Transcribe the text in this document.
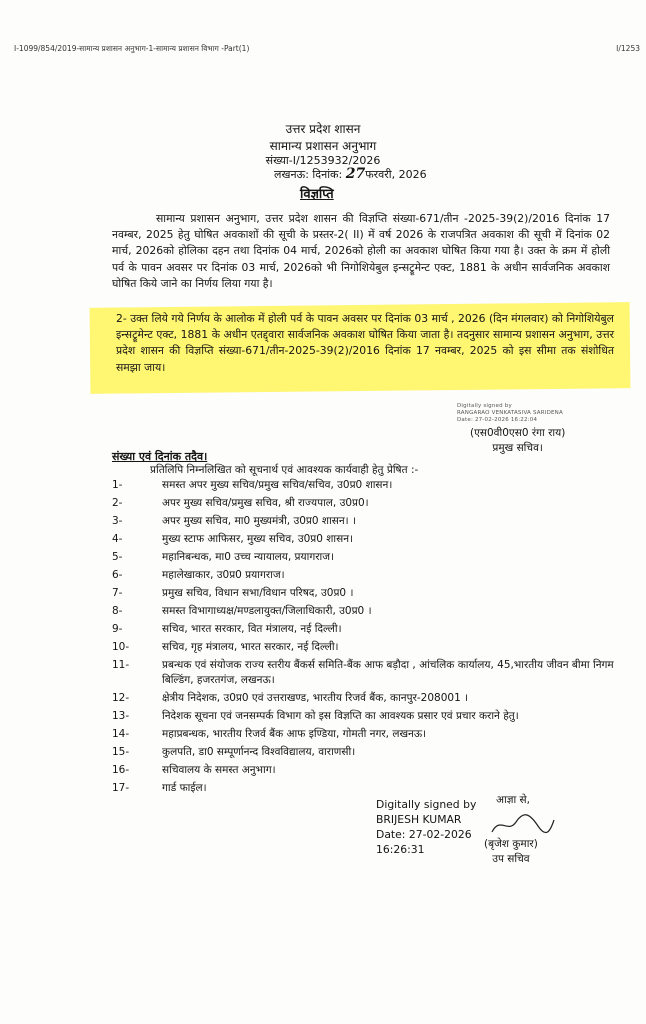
I-1099/854/2019-सामान्य प्रशासन अनुभाग-1-सामान्य प्रशासन विभाग -Part(1)	I/1253
उत्तर प्रदेश शासन
सामान्य प्रशासन अनुभाग
संख्या-I/1253932/2026
लखनऊ: दिनांक: 27फरवरी, 2026
विज्ञप्ति
सामान्य प्रशासन अनुभाग, उत्तर प्रदेश शासन की विज्ञप्ति संख्या-671/तीन -2025-39(2)/2016 दिनांक 17 नवम्बर, 2025 हेतु घोषित अवकाशों की सूची के प्रस्तर-2( II) में वर्ष 2026 के राजपत्रित अवकाश की सूची में दिनांक 02 मार्च, 2026को होलिका दहन तथा दिनांक 04 मार्च, 2026को होली का अवकाश घोषित किया गया है। उक्त के क्रम में होली पर्व के पावन अवसर पर दिनांक 03 मार्च, 2026को भी निगोशियेबुल इन्सट्रूमेन्ट एक्ट, 1881 के अधीन सार्वजनिक अवकाश घोषित किये जाने का निर्णय लिया गया है।
2- उक्त लिये गये निर्णय के आलोक में होली पर्व के पावन अवसर पर दिनांक 03 मार्च , 2026 (दिन मंगलवार) को निगोशियेबुल इन्सट्रूमेन्ट एक्ट, 1881 के अधीन एतद्द्वारा सार्वजनिक अवकाश घोषित किया जाता है। तदनुसार सामान्य प्रशासन अनुभाग, उत्तर प्रदेश शासन की विज्ञप्ति संख्या-671/तीन-2025-39(2)/2016 दिनांक 17 नवम्बर, 2025 को इस सीमा तक संशोधित समझा जाय।
Digitally signed by
RANGARAO VENKATASIVA SARIDENA
Date: 27-02-2026 16:22:04
(एस0वी0एस0 रंगा राय)
प्रमुख सचिव।
संख्या एवं दिनांक तदैव।
प्रतिलिपि निम्नलिखित को सूचनार्थ एवं आवश्यक कार्यवाही हेतु प्रेषित :-
1-	समस्त अपर मुख्य सचिव/प्रमुख सचिव/सचिव, उ0प्र0 शासन।
2-	अपर मुख्य सचिव/प्रमुख सचिव, श्री राज्यपाल, उ0प्र0।
3-	अपर मुख्य सचिव, मा0 मुख्यमंत्री, उ0प्र0 शासन। ।
4-	मुख्य स्टाफ आफिसर, मुख्य सचिव, उ0प्र0 शासन।
5-	महानिबन्धक, मा0 उच्च न्यायालय, प्रयागराज।
6-	महालेखाकार, उ0प्र0 प्रयागराज।
7-	प्रमुख सचिव, विधान सभा/विधान परिषद, उ0प्र0 ।
8-	समस्त विभागाध्यक्ष/मण्डलायुक्त/जिलाधिकारी, उ0प्र0 ।
9-	सचिव, भारत सरकार, वित मंत्रालय, नई दिल्ली।
10-	सचिव, गृह मंत्रालय, भारत सरकार, नई दिल्ली।
11-	प्रबन्धक एवं संयोजक राज्य स्तरीय बैंकर्स समिति-बैंक आफ बड़ौदा , आंचलिक कार्यालय, 45,भारतीय जीवन बीमा निगम बिल्डिंग, हजरतगंज, लखनऊ।
12-	क्षेत्रीय निदेशक, उ0प्र0 एवं उत्तराखण्ड, भारतीय रिजर्व बैंक, कानपुर-208001 ।
13-	निदेशक सूचना एवं जनसम्पर्क विभाग को इस विज्ञप्ति का आवश्यक प्रसार एवं प्रचार कराने हेतु।
14-	महाप्रबन्धक, भारतीय रिजर्व बैंक आफ इण्डिया, गोमती नगर, लखनऊ।
15-	कुलपति, डा0 सम्पूर्णानन्द विश्वविद्यालय, वाराणसी।
16-	सचिवालय के समस्त अनुभाग।
17-	गार्ड फाईल।
Digitally signed by
BRIJESH KUMAR
Date: 27-02-2026
16:26:31
आज्ञा से,
(बृजेश कुमार)
उप सचिव
